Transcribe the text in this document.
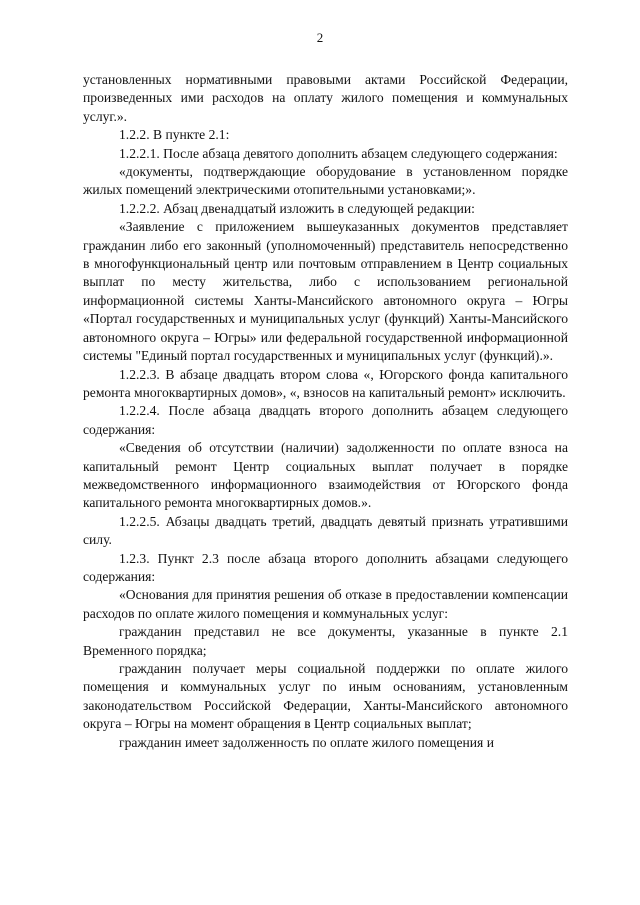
2

установленных нормативными правовыми актами Российской Федерации, произведенных ими расходов на оплату жилого помещения и коммунальных услуг.».

1.2.2. В пункте 2.1:

1.2.2.1. После абзаца девятого дополнить абзацем следующего содержания:

«документы, подтверждающие оборудование в установленном порядке жилых помещений электрическими отопительными установками;».

1.2.2.2. Абзац двенадцатый изложить в следующей редакции:

«Заявление с приложением вышеуказанных документов представляет гражданин либо его законный (уполномоченный) представитель непосредственно в многофункциональный центр или почтовым отправлением в Центр социальных выплат по месту жительства, либо с использованием региональной информационной системы Ханты-Мансийского автономного округа – Югры «Портал государственных и муниципальных услуг (функций) Ханты-Мансийского автономного округа – Югры» или федеральной государственной информационной системы "Единый портал государственных и муниципальных услуг (функций).».

1.2.2.3. В абзаце двадцать втором слова «, Югорского фонда капитального ремонта многоквартирных домов», «, взносов на капитальный ремонт» исключить.

1.2.2.4. После абзаца двадцать второго дополнить абзацем следующего содержания:

«Сведения об отсутствии (наличии) задолженности по оплате взноса на капитальный ремонт Центр социальных выплат получает в порядке межведомственного информационного взаимодействия от Югорского фонда капитального ремонта многоквартирных домов.».

1.2.2.5. Абзацы двадцать третий, двадцать девятый признать утратившими силу.

1.2.3. Пункт 2.3 после абзаца второго дополнить абзацами следующего содержания:

«Основания для принятия решения об отказе в предоставлении компенсации расходов по оплате жилого помещения и коммунальных услуг:

гражданин представил не все документы, указанные в пункте 2.1 Временного порядка;

гражданин получает меры социальной поддержки по оплате жилого помещения и коммунальных услуг по иным основаниям, установленным законодательством Российской Федерации, Ханты-Мансийского автономного округа – Югры на момент обращения в Центр социальных выплат;

гражданин имеет задолженность по оплате жилого помещения и
